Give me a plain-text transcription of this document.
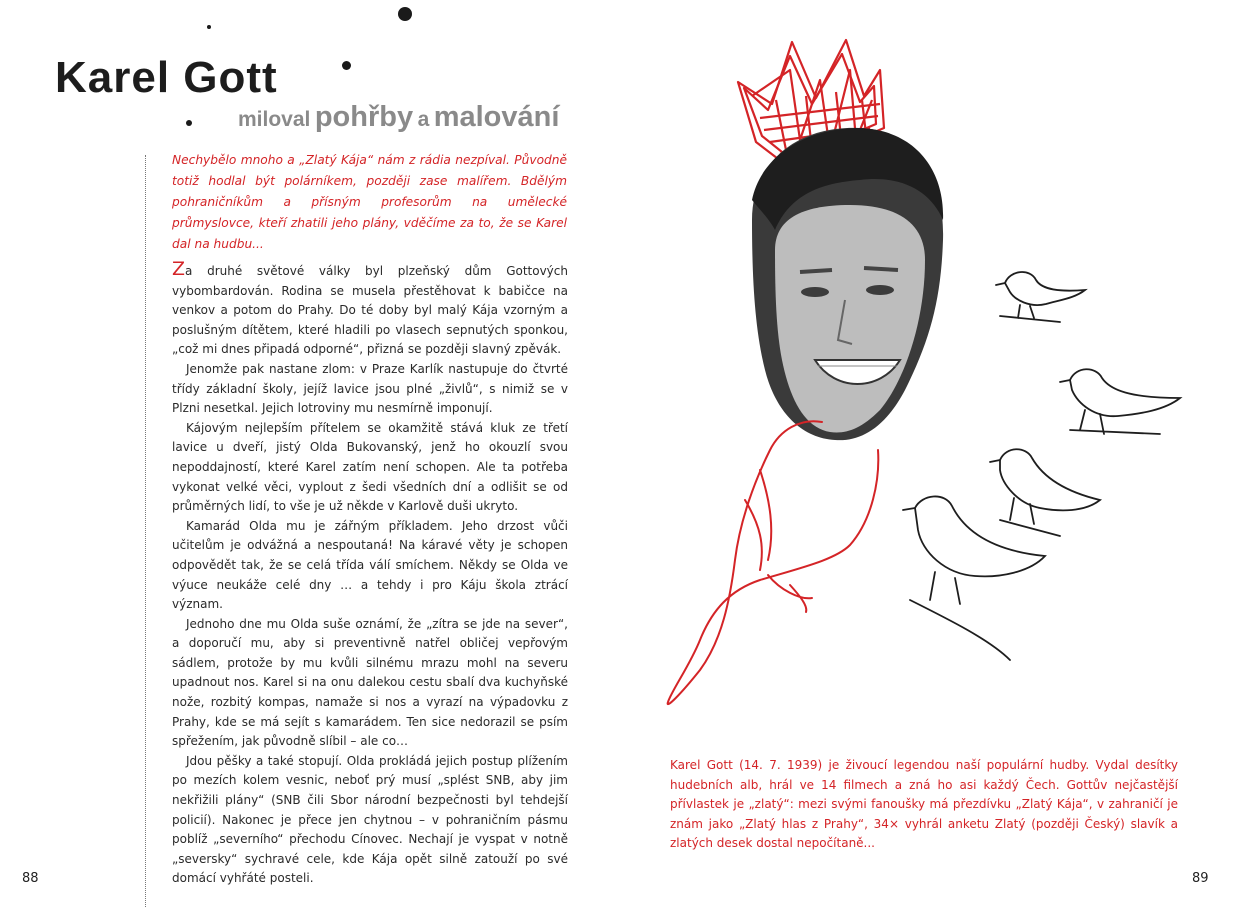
Karel Gott
miloval pohřby a malování
Nechybělo mnoho a „Zlatý Kája“ nám z rádia nezpíval. Původně totiž hodlal být polárníkem, později zase malířem. Bdělým pohraničníkům a přísným profesorům na umělecké průmyslovce, kteří zhatili jeho plány, vděčíme za to, že se Karel dal na hudbu...

Za druhé světové války byl plzeňský dům Gottových vybombardován. Rodina se musela přestěhovat k babičce na venkov a potom do Prahy. Do té doby byl malý Kája vzorným a poslušným dítětem, které hladili po vlasech sepnutých sponkou, „což mi dnes připadá odporné“, přizná se později slavný zpěvák.

Jenomže pak nastane zlom: v Praze Karlík nastupuje do čtvrté třídy základní školy, jejíž lavice jsou plné „živlů“, s nimiž se v Plzni nesetkal. Jejich lotroviny mu nesmírně imponují.

Kájovým nejlepším přítelem se okamžitě stává kluk ze třetí lavice u dveří, jistý Olda Bukovanský, jenž ho okouzlí svou nepoddajností, které Karel zatím není schopen. Ale ta potřeba vykonat velké věci, vyplout z šedi všedních dní a odlišit se od průměrných lidí, to vše je už někde v Karlově duši ukryto.

Kamarád Olda mu je zářným příkladem. Jeho drzost vůči učitelům je odvážná a nespoutaná! Na káravé věty je schopen odpovědět tak, že se celá třída válí smíchem. Někdy se Olda ve výuce neukáže celé dny … a tehdy i pro Káju škola ztrácí význam.

Jednoho dne mu Olda suše oznámí, že „zítra se jde na sever“, a doporučí mu, aby si preventivně natřel obličej vepřovým sádlem, protože by mu kvůli silnému mrazu mohl na severu upadnout nos. Karel si na onu dalekou cestu sbalí dva kuchyňské nože, rozbitý kompas, namaže si nos a vyrazí na výpadovku z Prahy, kde se má sejít s kamarádem. Ten sice nedorazil se psím spřežením, jak původně slíbil – ale co…

Jdou pěšky a také stopují. Olda prokládá jejich postup plížením po mezích kolem vesnic, neboť prý musí „splést SNB, aby jim nekřižili plány“ (SNB čili Sbor národní bezpečnosti byl tehdejší policií). Nakonec je přece jen chytnou – v pohraničním pásmu poblíž „severního“ přechodu Cínovec. Nechají je vyspat v notně „seversky“ sychravé cele, kde Kája opět silně zatouží po své domácí vyhřáté posteli.

Karel Gott (14. 7. 1939) je živoucí legendou naší populární hudby. Vydal desítky hudebních alb, hrál ve 14 filmech a zná ho asi každý Čech. Gottův nejčastější přívlastek je „zlatý“: mezi svými fanoušky má přezdívku „Zlatý Kája“, v zahraničí je znám jako „Zlatý hlas z Prahy“, 34× vyhrál anketu Zlatý (později Český) slavík a zlatých desek dostal nepočítaně...
88	89
